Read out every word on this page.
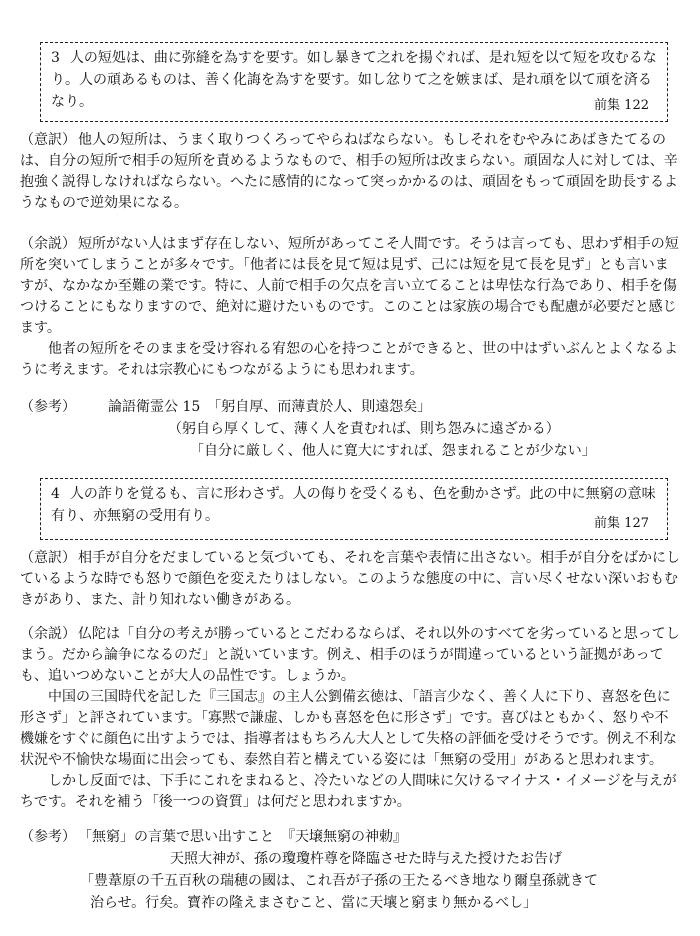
3 人の短処は、曲に弥縫を為すを要す。如し暴きて之れを揚ぐれば、是れ短を以て短を攻むるなり。人の頑あるものは、善く化誨を為すを要す。如し忿りて之を嫉まば、是れ頑を以て頑を済るなり。	前集 122

（意訳） 他人の短所は、うまく取りつくろってやらねばならない。もしそれをむやみにあばきたてるのは、自分の短所で相手の短所を責めるようなもので、相手の短所は改まらない。頑固な人に対しては、辛抱強く説得しなければならない。へたに感情的になって突っかかるのは、頑固をもって頑固を助長するようなもので逆効果になる。

（余説） 短所がない人はまず存在しない、短所があってこそ人間です。そうは言っても、思わず相手の短所を突いてしまうことが多々です。「他者には長を見て短は見ず、己には短を見て長を見ず」とも言いますが、なかなか至難の業です。特に、人前で相手の欠点を言い立てることは卑怯な行為であり、相手を傷つけることにもなりますので、絶対に避けたいものです。このことは家族の場合でも配慮が必要だと感じます。

他者の短所をそのままを受け容れる宥恕の心を持つことができると、世の中はずいぶんとよくなるように考えます。それは宗教心にもつながるようにも思われます。

（参考） 論語衛霊公 15　「躬自厚、而薄責於人、則遠怨矣」
（躬自ら厚くして、薄く人を責むれば、則ち怨みに遠ざかる）
「自分に厳しく、他人に寛大にすれば、怨まれることが少ない」
4 人の詐りを覚るも、言に形わさず。人の侮りを受くるも、色を動かさず。此の中に無窮の意味有り、亦無窮の受用有り。	前集 127

（意訳） 相手が自分をだましていると気づいても、それを言葉や表情に出さない。相手が自分をばかにしているような時でも怒りで顔色を変えたりはしない。このような態度の中に、言い尽くせない深いおもむきがあり、また、計り知れない働きがある。

（余説） 仏陀は「自分の考えが勝っているとこだわるならば、それ以外のすべてを劣っていると思ってしまう。だから論争になるのだ」と説いています。例え、相手のほうが間違っているという証拠があっても、追いつめないことが大人の品性です。しょうか。

中国の三国時代を記した『三国志』の主人公劉備玄徳は、「語言少なく、善く人に下り、喜怒を色に形さず」と評されています。「寡黙で謙虚、しかも喜怒を色に形さず」です。喜びはともかく、怒りや不機嫌をすぐに顔色に出すようでは、指導者はもちろん大人として失格の評価を受けそうです。例え不利な状況や不愉快な場面に出会っても、泰然自若と構えている姿には「無窮の受用」があると思われます。

しかし反面では、下手にこれをまねると、冷たいなどの人間味に欠けるマイナス・イメージを与えがちです。それを補う「後一つの資質」は何だと思われますか。

（参考） 「無窮」の言葉で思い出すこと　『天壌無窮の神勅』
天照大神が、孫の瓊瓊杵尊を降臨させた時与えた授けたお告げ
「豊葦原の千五百秋の瑞穂の國は、これ吾が子孫の王たるべき地なり爾皇孫就きて
治らせ。行矣。寶祚の隆えまさむこと、當に天壤と窮まり無かるべし」
